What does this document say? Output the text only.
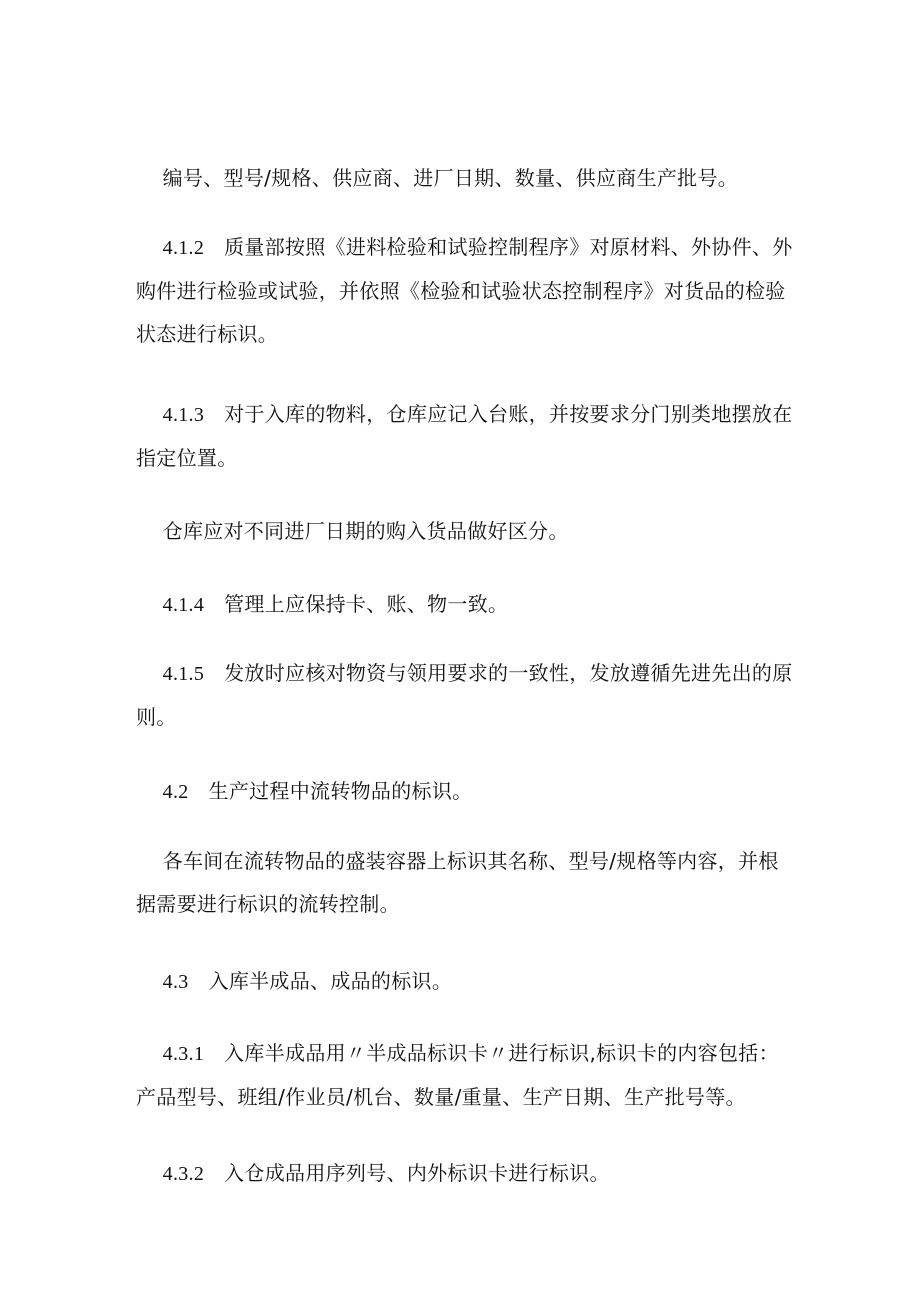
编号、型号/规格、供应商、进厂日期、数量、供应商生产批号。

4.1.2 质量部按照《进料检验和试验控制程序》对原材料、外协件、外购件进行检验或试验，并依照《检验和试验状态控制程序》对货品的检验状态进行标识。

4.1.3 对于入库的物料，仓库应记入台账，并按要求分门别类地摆放在指定位置。

仓库应对不同进厂日期的购入货品做好区分。

4.1.4 管理上应保持卡、账、物一致。

4.1.5 发放时应核对物资与领用要求的一致性，发放遵循先进先出的原则。

4.2 生产过程中流转物品的标识。

各车间在流转物品的盛装容器上标识其名称、型号/规格等内容，并根据需要进行标识的流转控制。

4.3 入库半成品、成品的标识。

4.3.1 入库半成品用〃半成品标识卡〃进行标识,标识卡的内容包括：产品型号、班组/作业员/机台、数量/重量、生产日期、生产批号等。

4.3.2 入仓成品用序列号、内外标识卡进行标识。
